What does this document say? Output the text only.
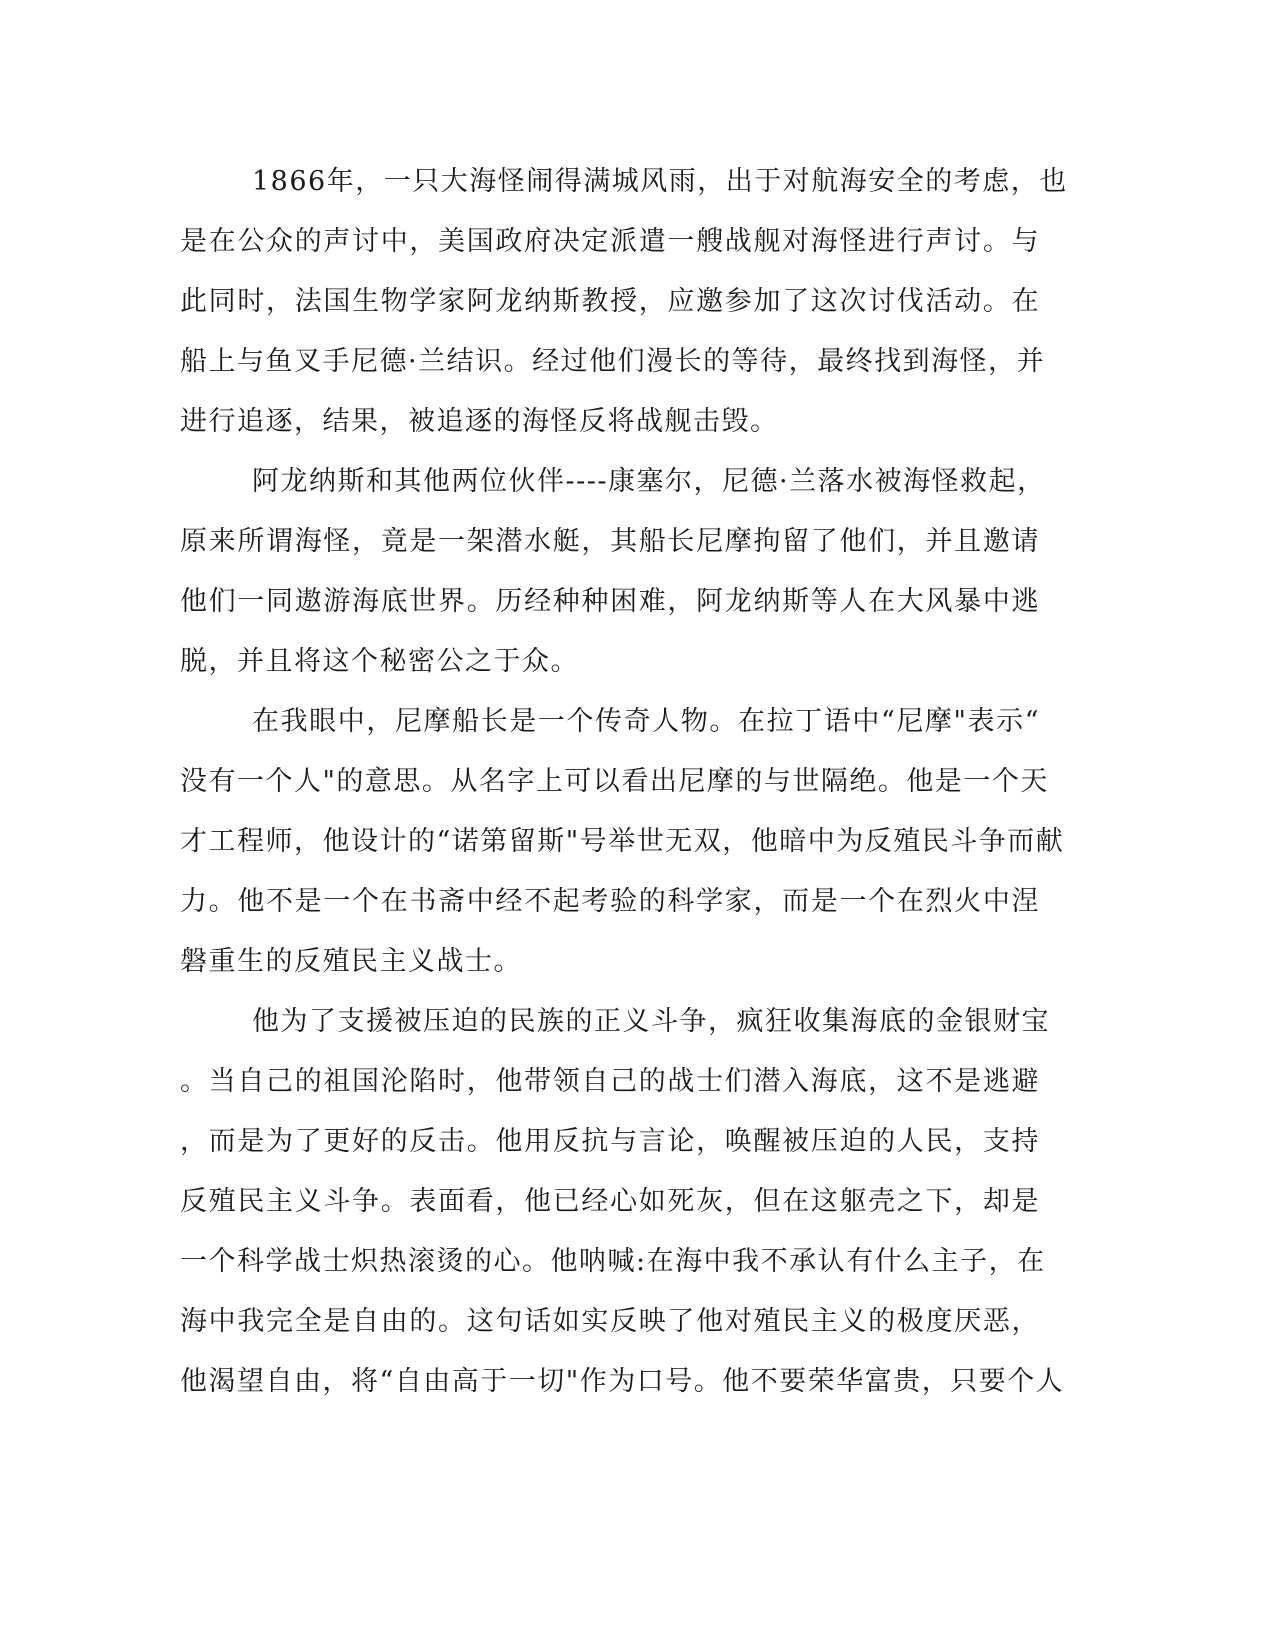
1866年，一只大海怪闹得满城风雨，出于对航海安全的考虑，也
是在公众的声讨中，美国政府决定派遣一艘战舰对海怪进行声讨。与
此同时，法国生物学家阿龙纳斯教授，应邀参加了这次讨伐活动。在
船上与鱼叉手尼德·兰结识。经过他们漫长的等待，最终找到海怪，并
进行追逐，结果，被追逐的海怪反将战舰击毁。
阿龙纳斯和其他两位伙伴----康塞尔，尼德·兰落水被海怪救起，
原来所谓海怪，竟是一架潜水艇，其船长尼摩拘留了他们，并且邀请
他们一同遨游海底世界。历经种种困难，阿龙纳斯等人在大风暴中逃
脱，并且将这个秘密公之于众。
在我眼中，尼摩船长是一个传奇人物。在拉丁语中“尼摩"表示“
没有一个人"的意思。从名字上可以看出尼摩的与世隔绝。他是一个天
才工程师，他设计的“诺第留斯"号举世无双，他暗中为反殖民斗争而献
力。他不是一个在书斋中经不起考验的科学家，而是一个在烈火中涅
磐重生的反殖民主义战士。
他为了支援被压迫的民族的正义斗争，疯狂收集海底的金银财宝
。当自己的祖国沦陷时，他带领自己的战士们潜入海底，这不是逃避
，而是为了更好的反击。他用反抗与言论，唤醒被压迫的人民，支持
反殖民主义斗争。表面看，他已经心如死灰，但在这躯壳之下，却是
一个科学战士炽热滚烫的心。他呐喊:在海中我不承认有什么主子，在
海中我完全是自由的。这句话如实反映了他对殖民主义的极度厌恶，
他渴望自由，将“自由高于一切"作为口号。他不要荣华富贵，只要个人
